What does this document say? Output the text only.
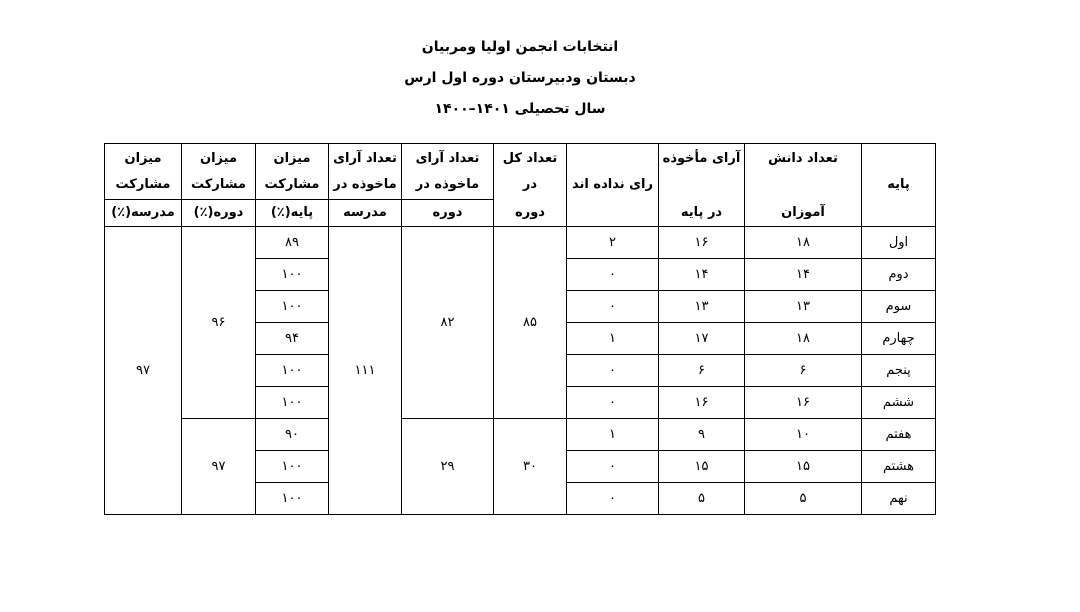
انتخابات انجمن اولیا ومربیان
دبستان ودبیرستان دوره اول ارس
سال تحصیلی ۱۴۰۱–۱۴۰۰
پایه	تعداد دانش	آرای مأخوذه	رای نداده اند	تعداد کل در	تعداد آرای ماخوذه در	تعداد آرای ماخوذه در	میزان مشارکت	میزان مشارکت	میزان مشارکت

	آموزان	در پایه		دوره	دوره	مدرسه	پایه(٪)	دوره(٪)	مدرسه(٪)
اول	۱۸	۱۶	۲	۸۵	۸۲	۱۱۱	۸۹	۹۶	۹۷
دوم	۱۴	۱۴	۰				۱۰۰		
سوم	۱۳	۱۳	۰				۱۰۰		
چهارم	۱۸	۱۷	۱				۹۴		
پنجم	۶	۶	۰				۱۰۰		
ششم	۱۶	۱۶	۰				۱۰۰		
هفتم	۱۰	۹	۱	۳۰	۲۹		۹۰	۹۷	
هشتم	۱۵	۱۵	۰				۱۰۰		
نهم	۵	۵	۰				۱۰۰		
